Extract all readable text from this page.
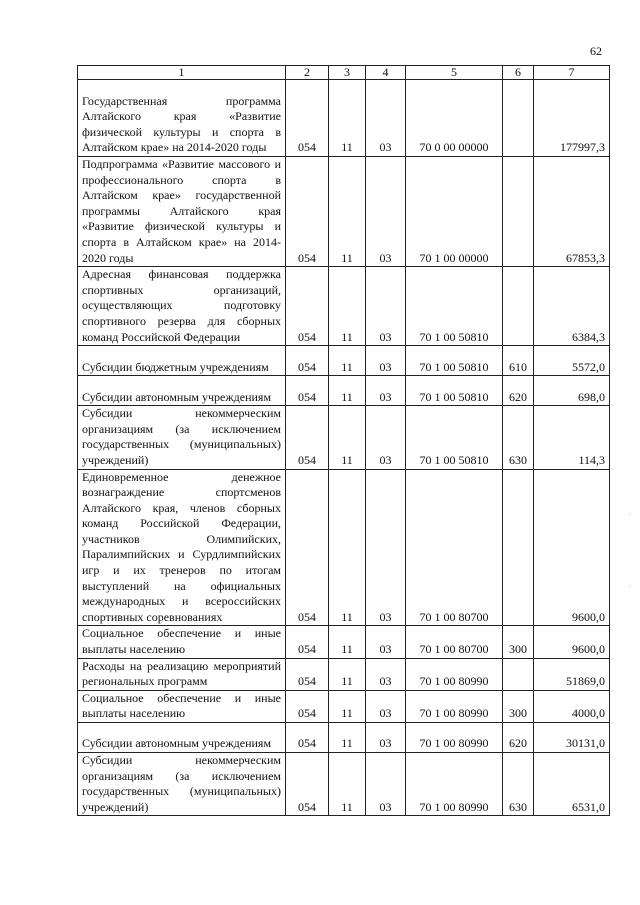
62
1	2	3	4	5	6	7
Государственная программа Алтайского края «Развитие физической культуры и спорта в Алтайском крае» на 2014-2020 годы	054	11	03	70 0 00 00000		177997,3
Подпрограмма «Развитие массового и профессионального спорта в Алтайском крае» государственной программы Алтайского края «Развитие физической культуры и спорта в Алтайском крае» на 2014-2020 годы	054	11	03	70 1 00 00000		67853,3
Адресная финансовая поддержка спортивных организаций, осуществляющих подготовку спортивного резерва для сборных команд Российской Федерации	054	11	03	70 1 00 50810		6384,3
Субсидии бюджетным учреждениям	054	11	03	70 1 00 50810	610	5572,0
Субсидии автономным учреждениям	054	11	03	70 1 00 50810	620	698,0
Субсидии некоммерческим организациям (за исключением государственных (муниципальных) учреждений)	054	11	03	70 1 00 50810	630	114,3
Единовременное денежное вознаграждение спортсменов Алтайского края, членов сборных команд Российской Федерации, участников Олимпийских, Паралимпийских и Сурдлимпийских игр и их тренеров по итогам выступлений на официальных международных и всероссийских спортивных соревнованиях	054	11	03	70 1 00 80700		9600,0
Социальное обеспечение и иные выплаты населению	054	11	03	70 1 00 80700	300	9600,0
Расходы на реализацию мероприятий региональных программ	054	11	03	70 1 00 80990		51869,0
Социальное обеспечение и иные выплаты населению	054	11	03	70 1 00 80990	300	4000,0
Субсидии автономным учреждениям	054	11	03	70 1 00 80990	620	30131,0
Субсидии некоммерческим организациям (за исключением государственных (муниципальных) учреждений)	054	11	03	70 1 00 80990	630	6531,0
ˈ
ˈ
